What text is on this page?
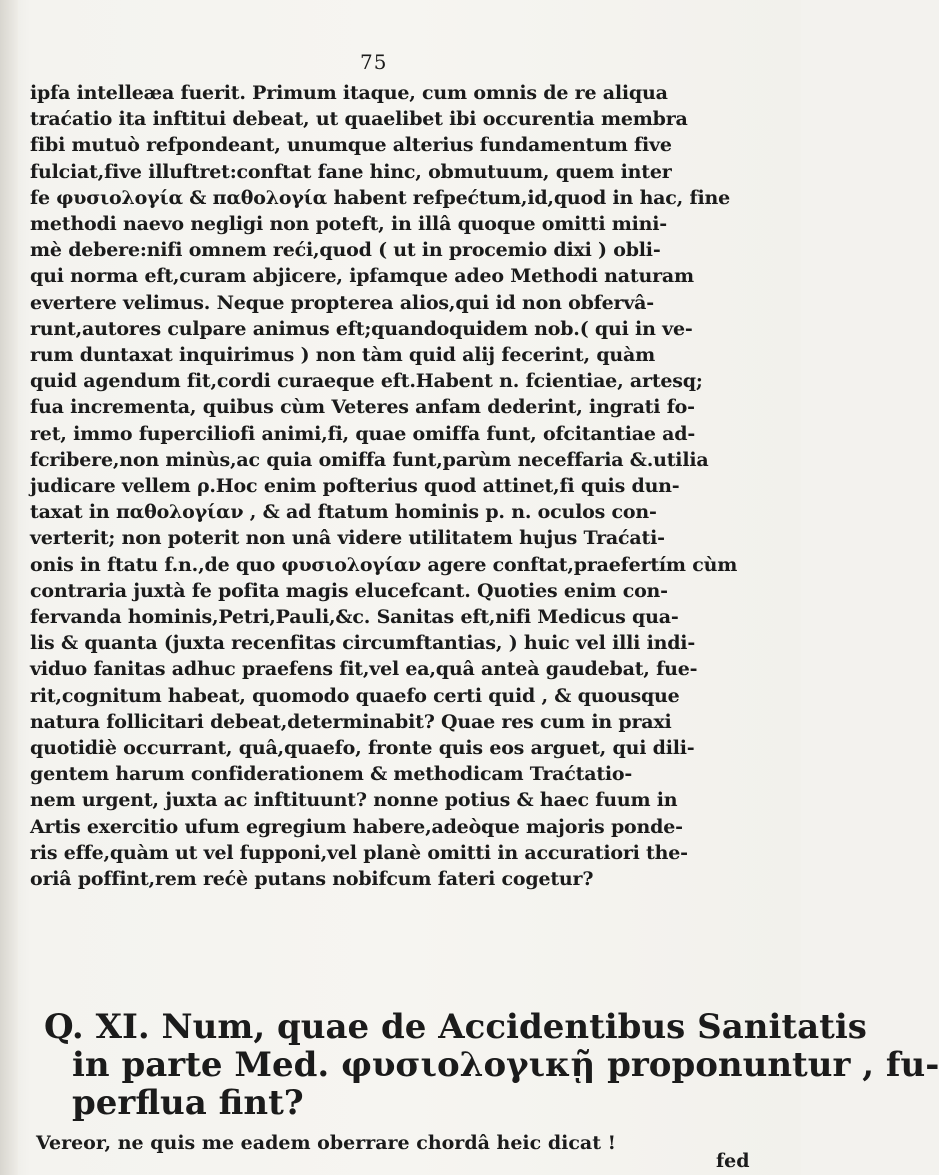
75
ipfa intelleæa fuerit. Primum itaque, cum omnis de re aliqua
traćatio ita inftitui debeat, ut quaelibet ibi occurentia membra
fibi mutuò refpondeant, unumque alterius fundamentum five
fulciat,five illuftret:conftat fane hinc, obmutuum, quem inter
fe φυσιολογία & παθολογία habent refpećtum,id,quod in hac, fine
methodi naevo negligi non poteft, in illâ quoque omitti mini-
mè debere:nifi omnem reći,quod ( ut in procemio dixi ) obli-
qui norma eft,curam abjicere, ipfamque adeo Methodi naturam
evertere velimus. Neque propterea alios,qui id non obfervâ-
runt,autores culpare animus eft;quandoquidem nob.( qui in ve-
rum duntaxat inquirimus ) non tàm quid alij fecerint, quàm
quid agendum fit,cordi curaeque eft.Habent n. fcientiae, artesq;
fua incrementa, quibus cùm Veteres anfam dederint, ingrati fo-
ret, immo fuperciliofi animi,fi, quae omiffa funt, ofcitantiae ad-
fcribere,non minùs,ac quia omiffa funt,parùm neceffaria &.utilia
judicare vellem ρ.Hoc enim pofterius quod attinet,fi quis dun-
taxat in παθολογίαν , & ad ftatum hominis p. n. oculos con-
verterit; non poterit non unâ videre utilitatem hujus Traćati-
onis in ftatu f.n.,de quo φυσιολογίαν agere conftat,praefertím cùm
contraria juxtà fe pofita magis elucefcant. Quoties enim con-
fervanda hominis,Petri,Pauli,&c. Sanitas eft,nifi Medicus qua-
lis & quanta (juxta recenfitas circumftantias, ) huic vel illi indi-
viduo fanitas adhuc praefens fit,vel ea,quâ anteà gaudebat, fue-
rit,cognitum habeat, quomodo quaefo certi quid , & quousque
natura follicitari debeat,determinabit? Quae res cum in praxi
quotidiè occurrant, quâ,quaefo, fronte quis eos arguet, qui dili-
gentem harum confiderationem & methodicam Traćtatio-
nem urgent, juxta ac inftituunt? nonne potius & haec fuum in
Artis exercitio ufum egregium habere,adeòque majoris ponde-
ris effe,quàm ut vel fupponi,vel planè omitti in accuratiori the-
oriâ poffint,rem rećè putans nobifcum fateri cogetur?
Q. XI. Num, quae de Accidentibus Sanitatis
in parte Med. φυσιολογικῇ proponuntur , fu-
perflua fint?
Vereor, ne quis me eadem oberrare chordâ heic dicat !
fed
